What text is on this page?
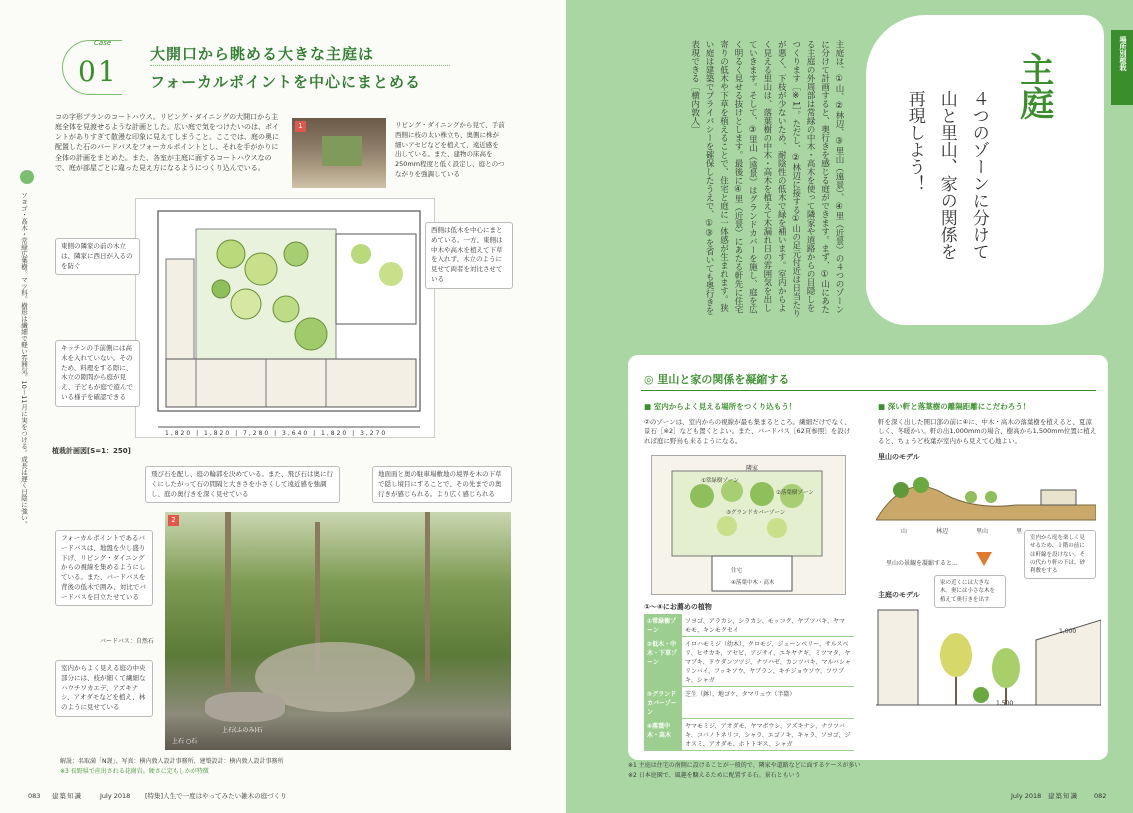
Case
01
大開口から眺める大きな主庭は
フォーカルポイントを中心にまとめる
コの字形プランのコートハウス。リビング・ダイニングの大開口から主庭全体を見渡せるような計画とした。広い庭で気をつけたいのは、ポイントがありすぎて散漫な印象に見えてしまうこと。ここでは、庭の奥に配置した石のバードバスをフォーカルポイントとし、それを手がかりに全体の計画をまとめた。また、各室が主庭に面するコートハウスなので、庭が部屋ごとに違った見え方になるようにつくり込んでいる。
1	リビング・ダイニングから見て、手前西側に枝の太い株立ち、奥側に株が細いアセビなどを植えて、遠近感を出している。また、建物の床高を250mm程度と低く設定し、庭とのつながりを強調している
ソヨゴ・高木・常緑広葉樹。マツ科。樹形は繊細で軽い雰囲気。10～11月に実をつける。成長は遅く日陰に強い。	1,820 | 1,820 | 7,280 | 3,640 | 1,820 | 3,270
植栽計画図[S=1：250]
東側の隣家の前の木立は、隣家に西日が入るのを防ぐ
西側は低木を中心にまとめている。一方、東側は中木や高木を植えて下草を入れず、木立のように見せて両者を対比させている
キッチンの手前側には高木を入れていない。そのため、料理をする際に、木立の隙間から庭が見え、子どもが庭で遊んでいる様子を確認できる
飛び石を配し、庭の輪郭を決めている。また、飛び石は奥に行くにしたがって石の間隔と大きさを小さくして遠近感を強調し、庭の奥行きを深く見せている
地面面と奥の駐車場敷地の境界を木の下草で隠し境目にすることで、その先までの奥行きが感じられる。より広く感じられる
2
フォーカルポイントであるバードバスは、地盤を少し盛り下げ、リビング・ダイニングからの視線を集めるようにしている。また、バードバスを背後の低木で囲み、対比でバードバスを目立たせている
室内からよく見える庭の中央部分には、枝が細くて繊細なハウチワカエデ、アズキナシ、アオダモなどを植え、林のように見せている
バードバス：自然石
上石(ふのみ)石
上石 ○石
解説：名取満「N謹」、写真：横内敦人設計事務所、建築設計：横内敦人設計事務所
※3 長野県で産出される花崗岩。硬さに定もしかが特徴
083 建築知識	July 2018 [特集]人生で一度はやってみたい雑木の庭づくり
場所別植栽
主庭は、①山、②林辺、③里山（遠景）、④里（近景）の４つのゾーンに分けて計画すると、奥行きを感じる庭ができます。まず、①山にあたる主庭の外周部は常緑の中木・高木を使って隣家や道路からの目隠しをつくります［※1］。ただし、②林辺に接する①山の足元付近は日当たりが悪く、下枝が少ないため、耐陰性の低木で緑を補います。室内からよく見える里山は、落葉樹の中木・高木を植えて木漏れ日の雰囲気を出していきます。そして、③里山（遠景）はグランドカバーを施し、庭を広く明るく見せる抜けとします。最後に④里（近景）にあたる軒先に住宅寄りの低木や下草を植えることで、住宅と庭に一体感が生まれます。狭い庭は建築でプライバシーを確保したうえで、①③を省いても奥行きを表現できる［横内敦人］	主庭
４つのゾーンに分けて
山と里山、家の関係を
再現しよう！
◎ 里山と家の関係を凝縮する
■ 室内からよく見える場所をつくり込もう！
②のゾーンは、室内からの視線が最も集まるところ。繊細だけでなく、景石［※2］なども置くとよい。また、バードバス［62頁参照］を設ければ庭に野鳥も来るようになる。
■ 深い軒と落葉樹の離隔距離にこだわろう！
軒を深く出した開口部の前に④に、中木・高木の落葉樹を植えると、夏涼しく、冬暖かい。軒の出1,000mmの場合、樹高から1,500mm位置に植えると、ちょうど枝葉が室内から見えて心地よい。
隣家
①常緑樹ゾーン
②落葉樹ゾーン
③グランドカバーゾーン
住宅
④落葉中木・高木
①～④にお薦めの植物
①常緑樹ゾーン	ソヨゴ、アラカシ、シラカシ、モッコク、ヤブツバキ、ヤマモモ、キンモクセイ
②低木・中木・下草ゾーン	イロハモミジ（幼木）、クロモジ、ジューンベリー、サルスベリ、ヒサカキ、アセビ、アジサイ、ユキヤナギ、ミツマタ、ヤマブキ、ドウダンツツジ、ナツハゼ、カンツバキ、マルバシャリンバイ、フッキソウ、ヤブラン、キチジョウソウ、ツワブキ、シャガ
③グランドカバーゾーン	芝生（鉢）、地ゴケ、タマリュウ（半陰）
④落葉中木・高木	ヤマモミジ、アオダモ、ヤマボウシ、アズキナシ、ナツツバキ、コバノトネリコ、シャラ、エゴノキ、キャラ、ソヨゴ、ジオスミ、アオダモ、ホトトギス、シャガ
里山のモデル
山	林辺	里山	里
里山の景観を凝縮すると...
室内から庭を楽しく見せるため、１階の前には軒線を設けない。その代わり軒の下は、砂利敷をする
家の近くには大きな木。奥には小さな木を植えて奥行きを出す
主庭のモデル
1,000
1,500
※1 主庭は住宅の南側に設けることが一般的で、隣家や道路などに面するケースが多い
※2 日本庭園で、風趣を醸えるために配置する石。景石ともいう
July 2018 建築知識 082
